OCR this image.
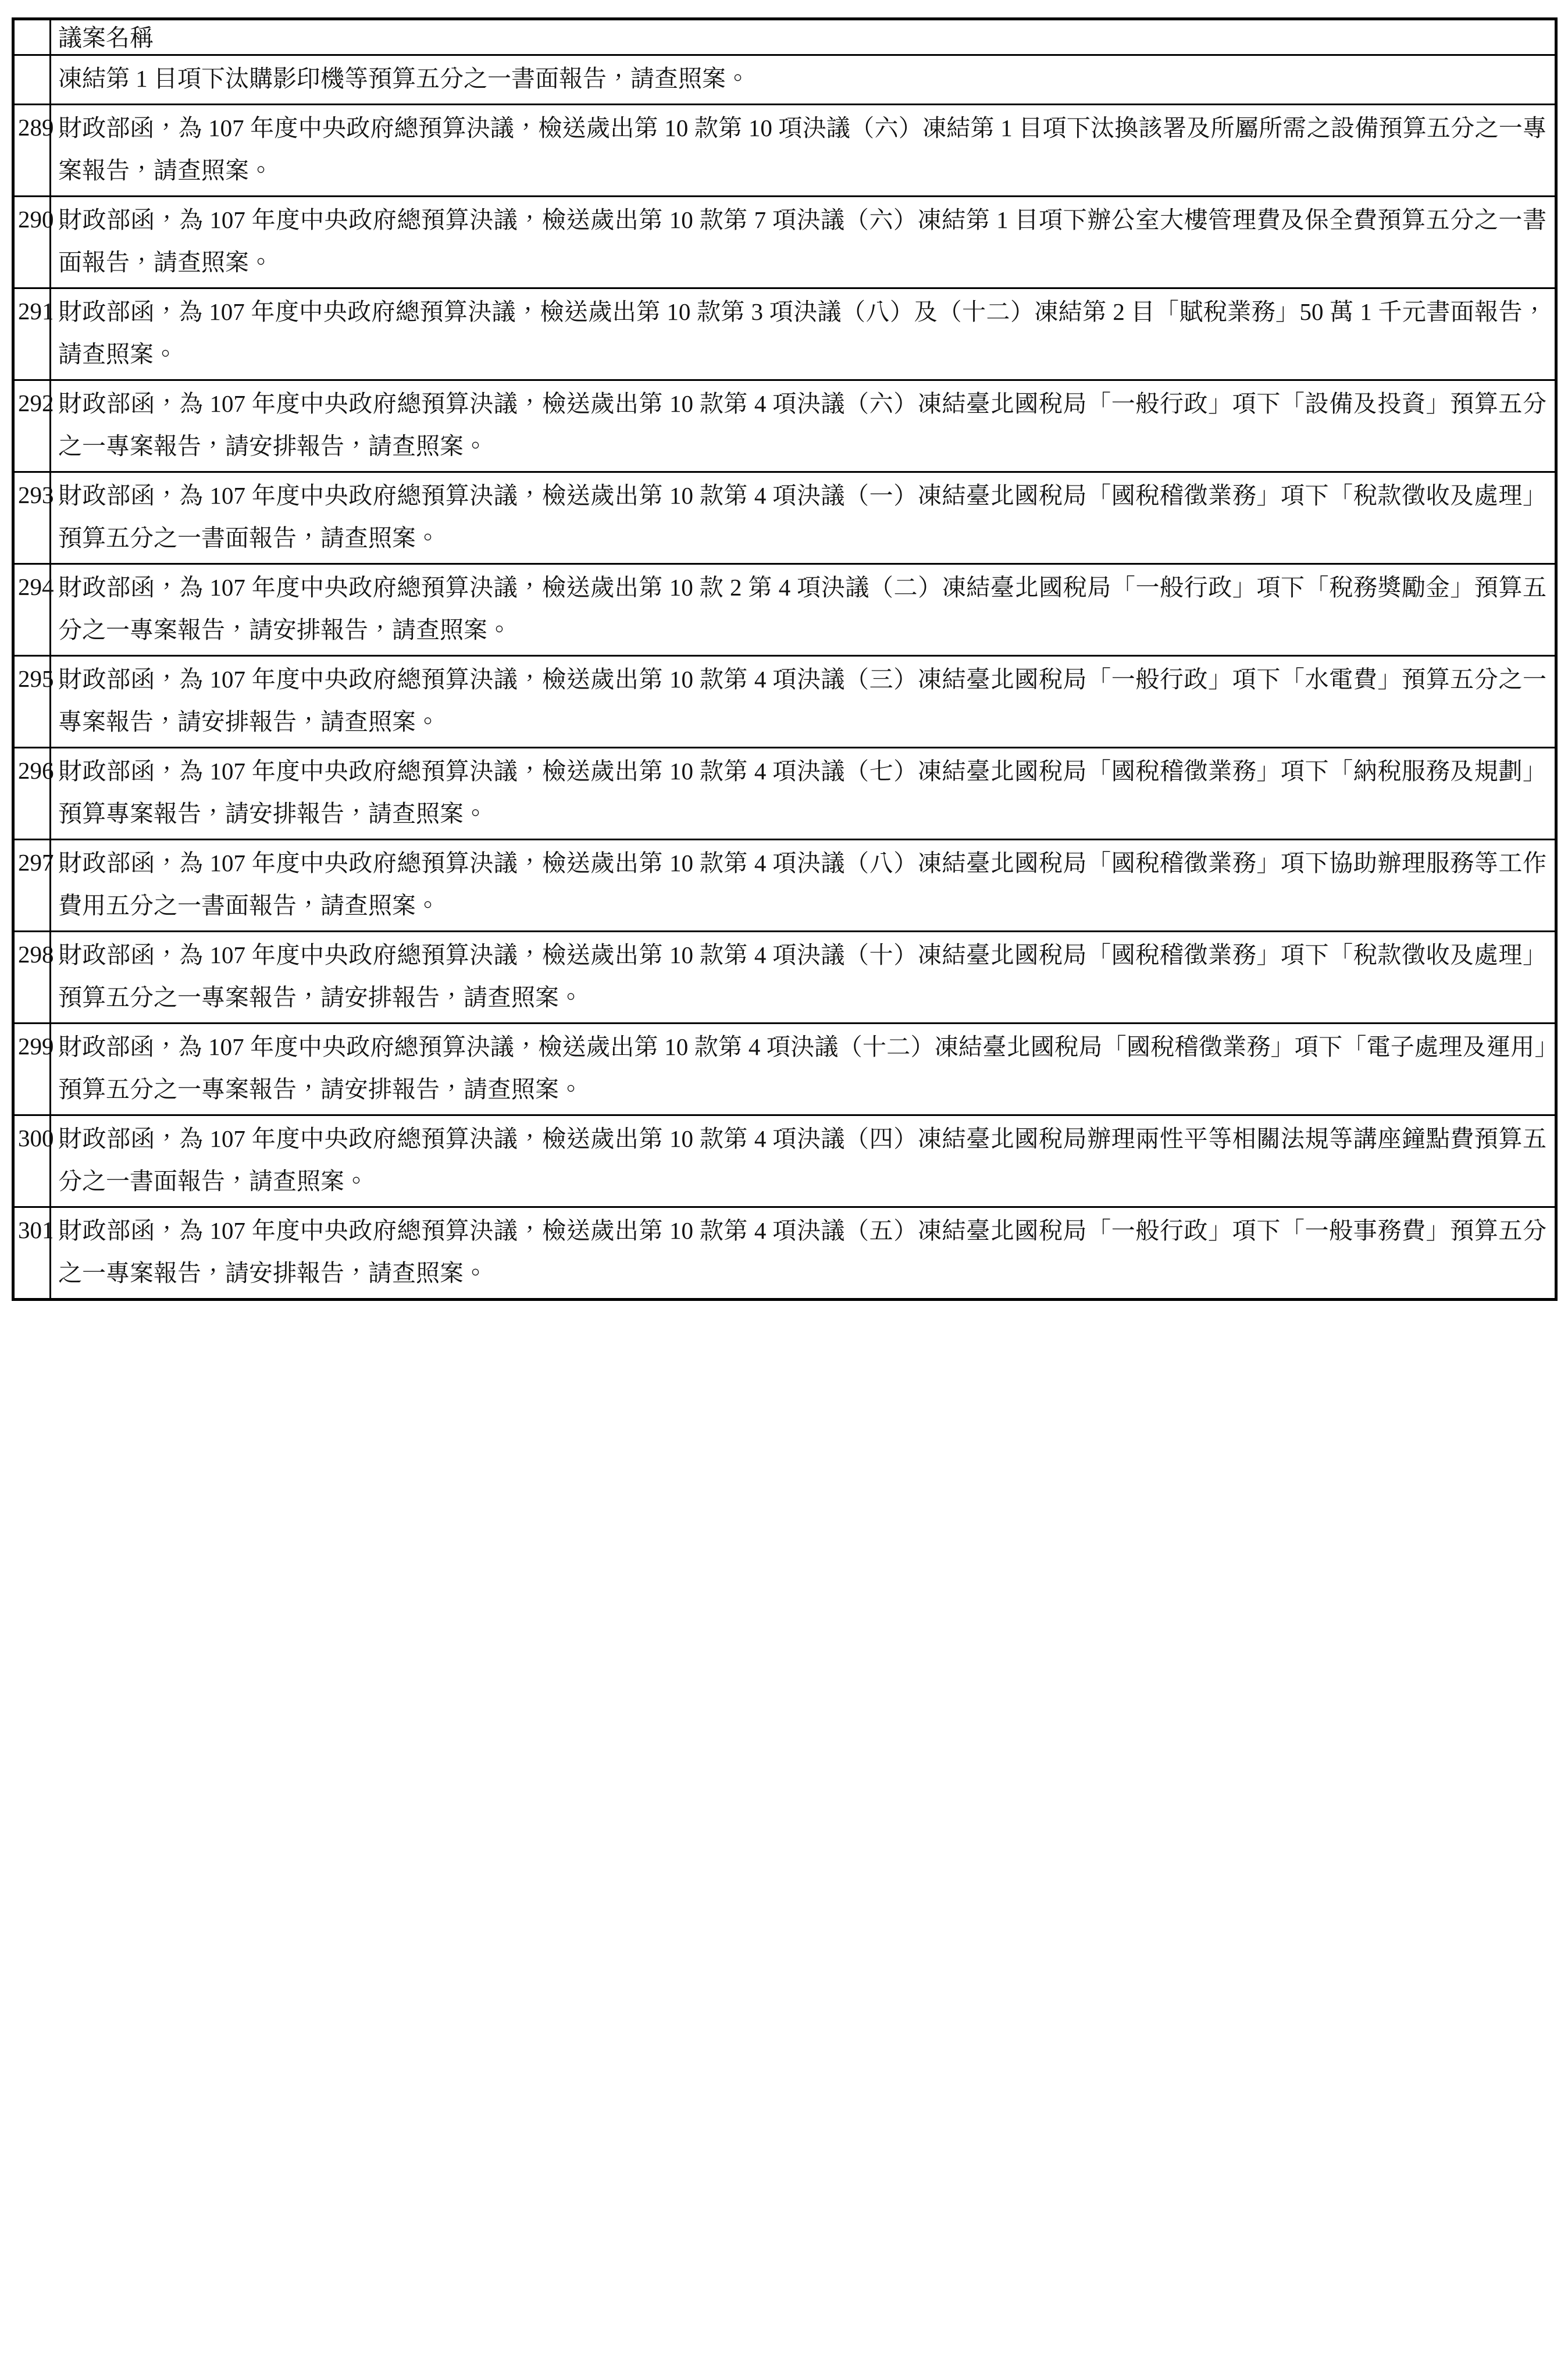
	議案名稱
	凍結第 1 目項下汰購影印機等預算五分之一書面報告，請查照案。
289	財政部函，為 107 年度中央政府總預算決議，檢送歲出第 10 款第 10 項決議（六）凍結第 1 目項下汰換該署及所屬所需之設備預算五分之一專案報告，請查照案。
290	財政部函，為 107 年度中央政府總預算決議，檢送歲出第 10 款第 7 項決議（六）凍結第 1 目項下辦公室大樓管理費及保全費預算五分之一書面報告，請查照案。
291	財政部函，為 107 年度中央政府總預算決議，檢送歲出第 10 款第 3 項決議（八）及（十二）凍結第 2 目「賦稅業務」50 萬 1 千元書面報告，請查照案。
292	財政部函，為 107 年度中央政府總預算決議，檢送歲出第 10 款第 4 項決議（六）凍結臺北國稅局「一般行政」項下「設備及投資」預算五分之一專案報告，請安排報告，請查照案。
293	財政部函，為 107 年度中央政府總預算決議，檢送歲出第 10 款第 4 項決議（一）凍結臺北國稅局「國稅稽徵業務」項下「稅款徵收及處理」預算五分之一書面報告，請查照案。
294	財政部函，為 107 年度中央政府總預算決議，檢送歲出第 10 款 2 第 4 項決議（二）凍結臺北國稅局「一般行政」項下「稅務獎勵金」預算五分之一專案報告，請安排報告，請查照案。
295	財政部函，為 107 年度中央政府總預算決議，檢送歲出第 10 款第 4 項決議（三）凍結臺北國稅局「一般行政」項下「水電費」預算五分之一專案報告，請安排報告，請查照案。
296	財政部函，為 107 年度中央政府總預算決議，檢送歲出第 10 款第 4 項決議（七）凍結臺北國稅局「國稅稽徵業務」項下「納稅服務及規劃」預算專案報告，請安排報告，請查照案。
297	財政部函，為 107 年度中央政府總預算決議，檢送歲出第 10 款第 4 項決議（八）凍結臺北國稅局「國稅稽徵業務」項下協助辦理服務等工作費用五分之一書面報告，請查照案。
298	財政部函，為 107 年度中央政府總預算決議，檢送歲出第 10 款第 4 項決議（十）凍結臺北國稅局「國稅稽徵業務」項下「稅款徵收及處理」預算五分之一專案報告，請安排報告，請查照案。
299	財政部函，為 107 年度中央政府總預算決議，檢送歲出第 10 款第 4 項決議（十二）凍結臺北國稅局「國稅稽徵業務」項下「電子處理及運用」預算五分之一專案報告，請安排報告，請查照案。
300	財政部函，為 107 年度中央政府總預算決議，檢送歲出第 10 款第 4 項決議（四）凍結臺北國稅局辦理兩性平等相關法規等講座鐘點費預算五分之一書面報告，請查照案。
301	財政部函，為 107 年度中央政府總預算決議，檢送歲出第 10 款第 4 項決議（五）凍結臺北國稅局「一般行政」項下「一般事務費」預算五分之一專案報告，請安排報告，請查照案。
